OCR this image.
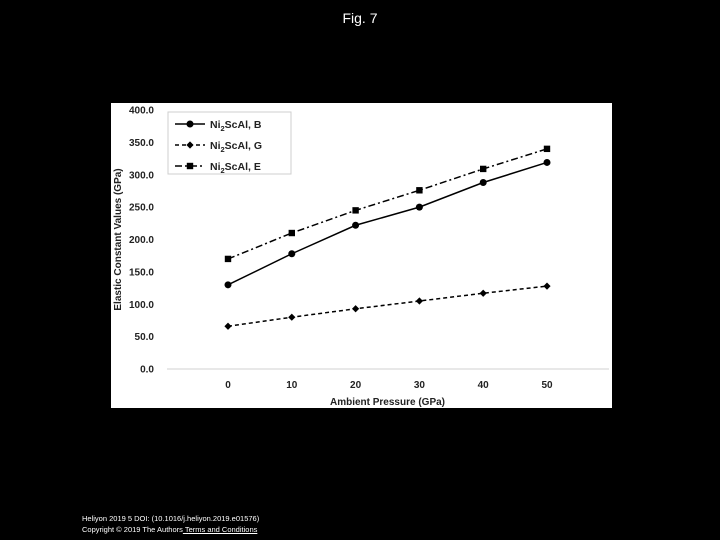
Fig. 7
0.0
50.0
100.0
150.0
200.0
250.0
300.0
350.0
400.0
0	10	20	30	40	50
Ambient Pressure (GPa)
Elastic Constant Values (GPa)
$Ni_2ScAl$, B
$Ni_2ScAl$, G
$Ni_2ScAl$, E
Heliyon 2019 5 DOI: (10.1016/j.heliyon.2019.e01576)
Copyright © 2019 The Authors Terms and Conditions
